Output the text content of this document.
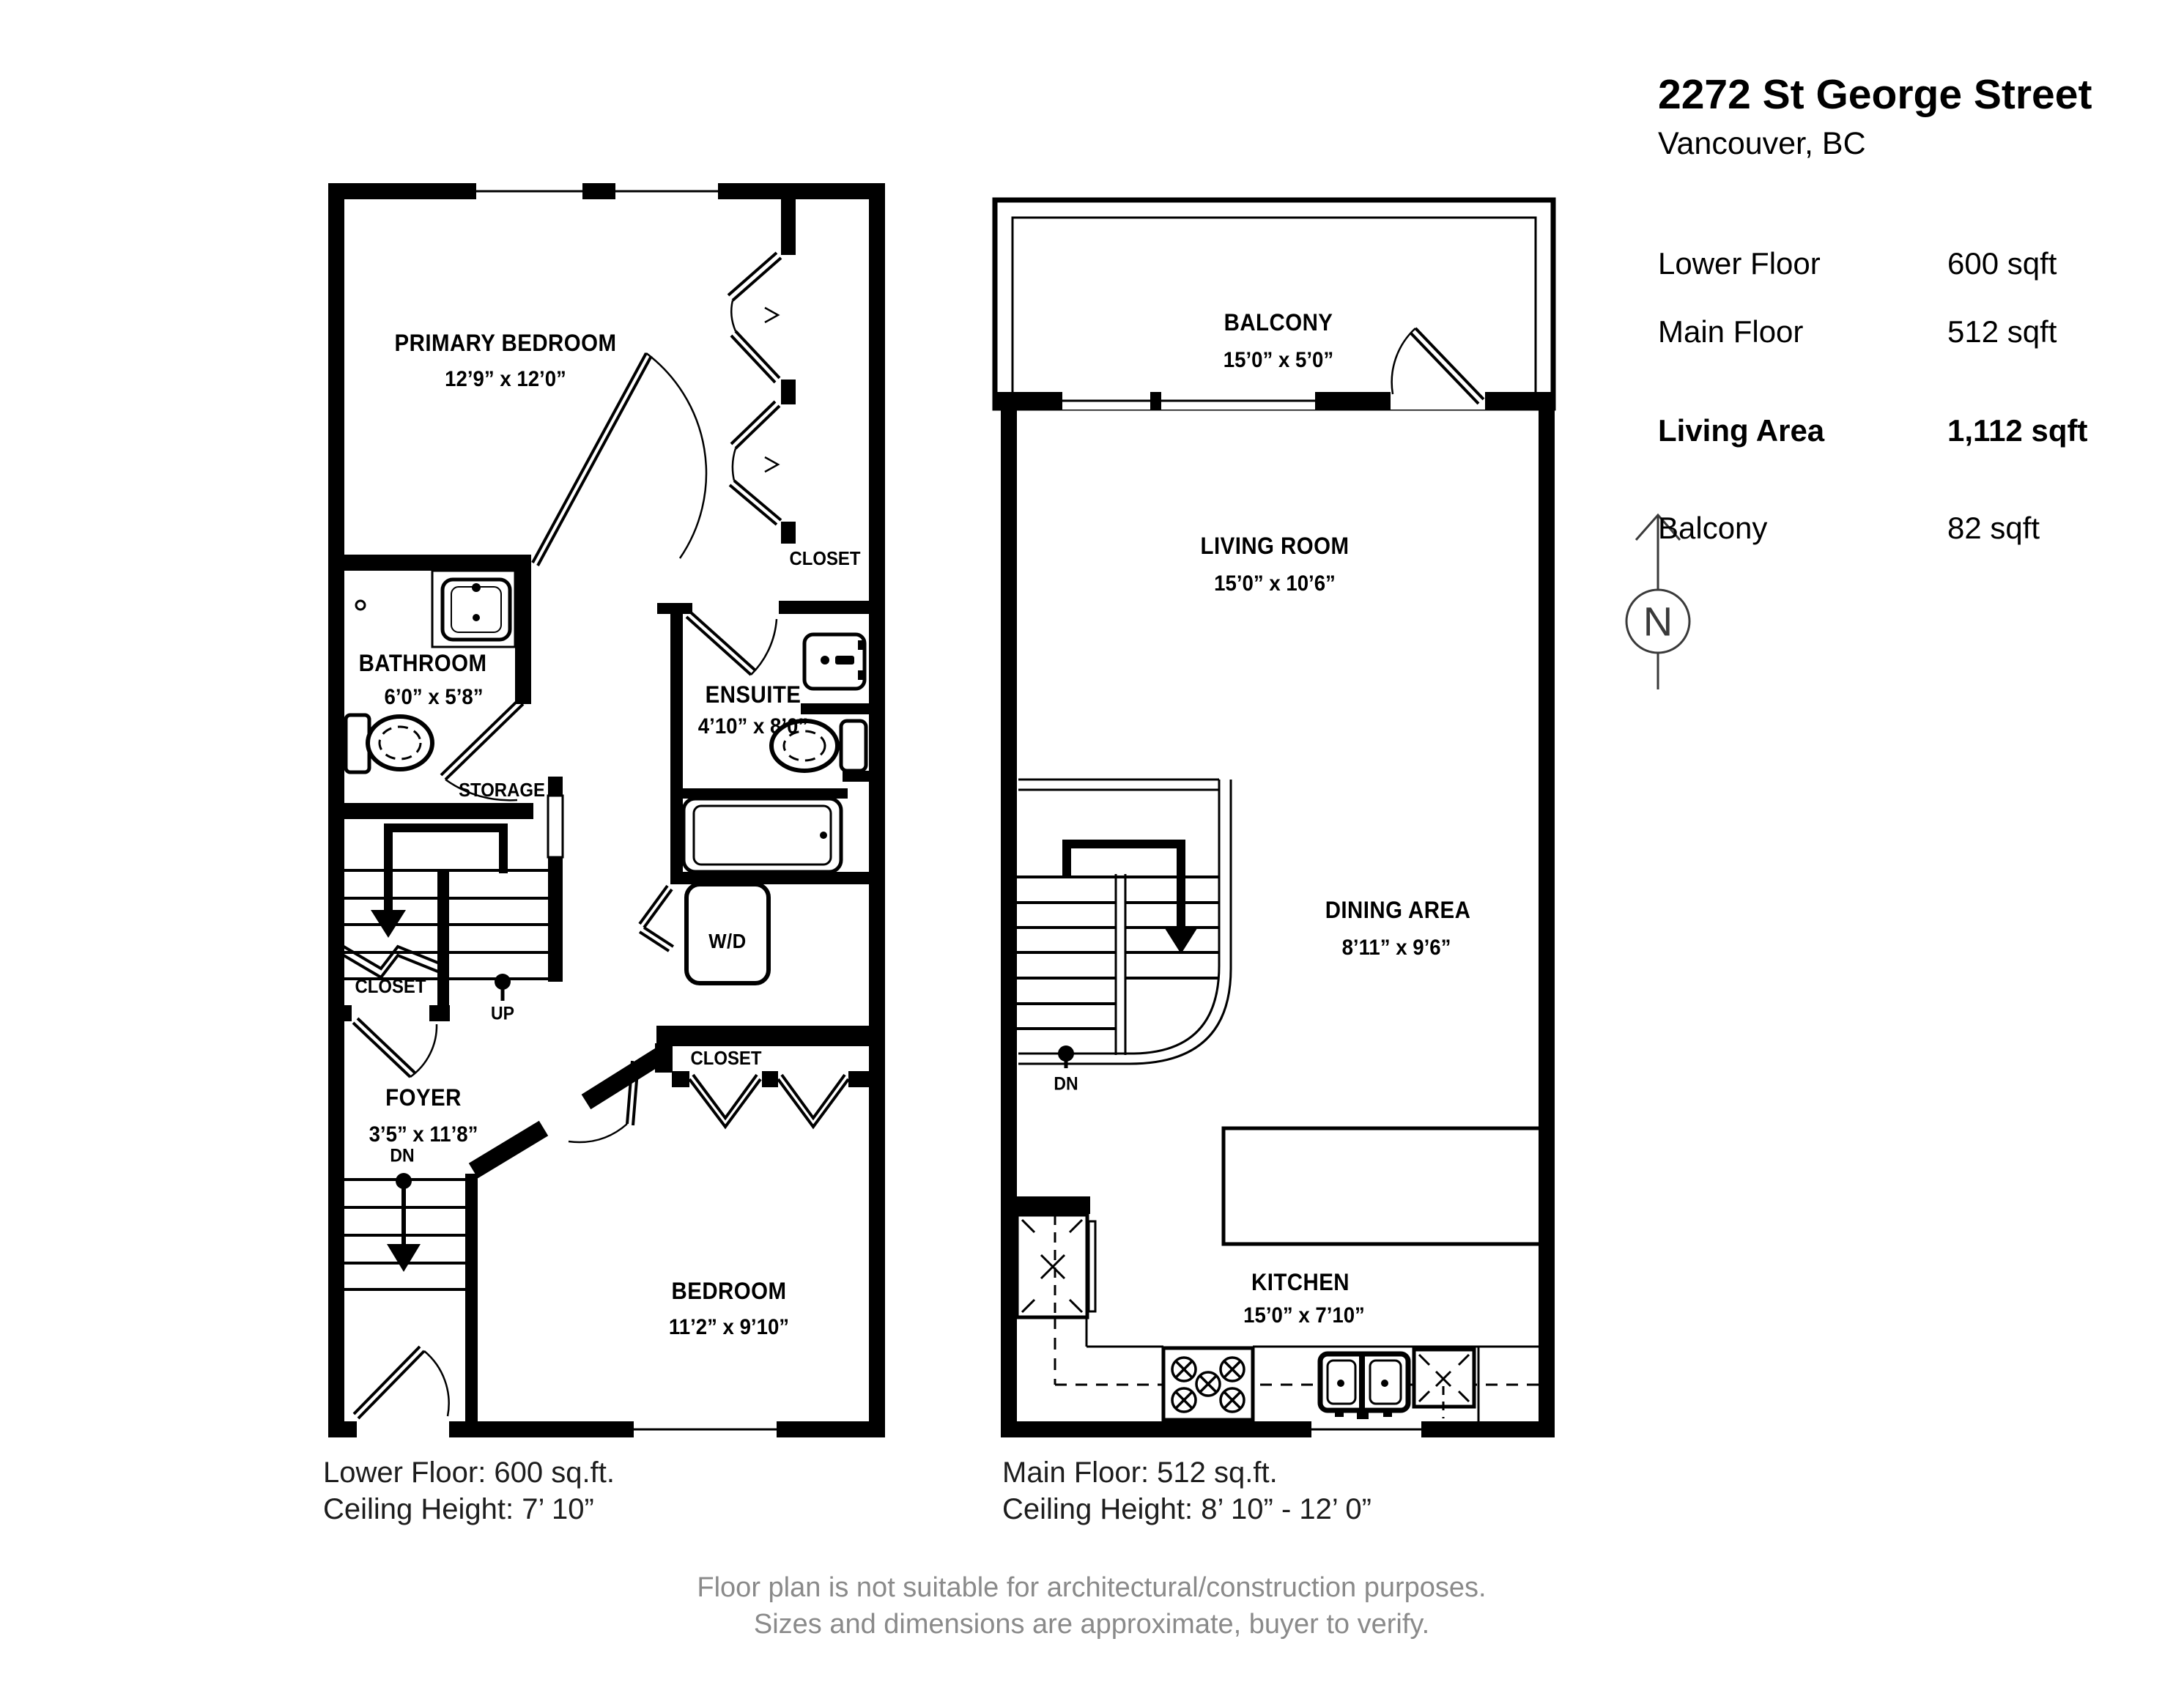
PRIMARY BEDROOM
12’9” x 12’0”
CLOSET
BATHROOM
6’0” x 5’8”	ENSUITE
4’10” x 8’0”
STORAGE
CLOSET
UP
W/D
CLOSET
FOYER
3’5” x 11’8”
DN
BEDROOM
11’2” x 9’10”
BALCONY
15’0” x 5’0”
LIVING ROOM
15’0” x 10’6”
DINING AREA
8’11” x 9’6”
DN
KITCHEN
15’0” x 7’10”
2272 St George Street
Vancouver, BC
Lower Floor	600 sqft
Main Floor	512 sqft
Living Area	1,112 sqft
Balcony	82 sqft
N
Lower Floor: 600 sq.ft.
Ceiling Height: 7’ 10”
Main Floor: 512 sq.ft.
Ceiling Height: 8’ 10” - 12’ 0”
Floor plan is not suitable for architectural/construction purposes.
Sizes and dimensions are approximate, buyer to verify.
